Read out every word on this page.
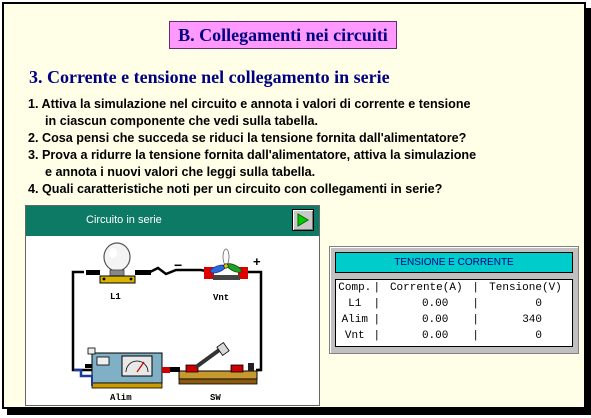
B. Collegamenti nei circuiti
3. Corrente e tensione nel collegamento in serie
1. Attiva la simulazione nel circuito e annota i valori di corrente e tensione
in ciascun componente che vedi sulla tabella.
2. Cosa pensi che succeda se riduci la tensione fornita dall'alimentatore?
3. Prova a ridurre la tensione fornita dall'alimentatore, attiva la simulazione
e annota i nuovi valori che leggi sulla tabella.
4. Quali caratteristiche noti per un circuito con collegamenti in serie?
Circuito in serie
L1
−	+
Vnt
Alim	SW
TENSIONE E CORRENTE
Comp.	|	Corrente(A)	|	Tensione(V)
L1	|	0.00	|	0
Alim	|	0.00	|	340
Vnt	|	0.00	|	0
